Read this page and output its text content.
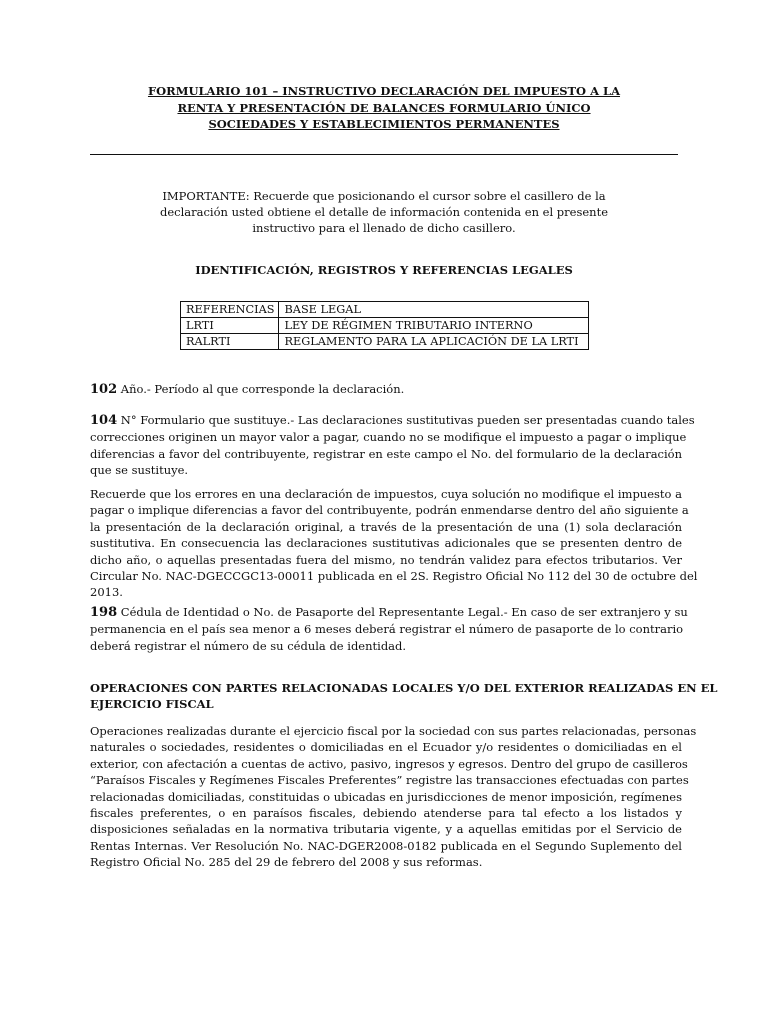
FORMULARIO 101 – INSTRUCTIVO DECLARACIÓN DEL IMPUESTO A LA
RENTA Y PRESENTACIÓN DE BALANCES FORMULARIO ÚNICO
SOCIEDADES Y ESTABLECIMIENTOS PERMANENTES
IMPORTANTE: Recuerde que posicionando el cursor sobre el casillero de la
declaración usted obtiene el detalle de información contenida en el presente
instructivo para el llenado de dicho casillero.
IDENTIFICACIÓN, REGISTROS Y REFERENCIAS LEGALES
REFERENCIAS	BASE LEGAL
LRTI	LEY DE RÉGIMEN TRIBUTARIO INTERNO
RALRTI	REGLAMENTO PARA LA APLICACIÓN DE LA LRTI
102 Año.- Período al que corresponde la declaración.
104 N° Formulario que sustituye.- Las declaraciones sustitutivas pueden ser presentadas cuando tales
correcciones originen un mayor valor a pagar, cuando no se modifique el impuesto a pagar o implique
diferencias a favor del contribuyente, registrar en este campo el No. del formulario de la declaración
que se sustituye.
Recuerde que los errores en una declaración de impuestos, cuya solución no modifique el impuesto a
pagar o implique diferencias a favor del contribuyente, podrán enmendarse dentro del año siguiente a
la presentación de la declaración original, a través de la presentación de una (1) sola declaración
sustitutiva. En consecuencia las declaraciones sustitutivas adicionales que se presenten dentro de
dicho año, o aquellas presentadas fuera del mismo, no tendrán validez para efectos tributarios. Ver
Circular No. NAC-DGECCGC13-00011 publicada en el 2S. Registro Oficial No 112 del 30 de octubre del
2013.
198 Cédula de Identidad o No. de Pasaporte del Representante Legal.- En caso de ser extranjero y su
permanencia en el país sea menor a 6 meses deberá registrar el número de pasaporte de lo contrario
deberá registrar el número de su cédula de identidad.
OPERACIONES CON PARTES RELACIONADAS LOCALES Y/O DEL EXTERIOR REALIZADAS EN EL
EJERCICIO FISCAL
Operaciones realizadas durante el ejercicio fiscal por la sociedad con sus partes relacionadas, personas
naturales o sociedades, residentes o domiciliadas en el Ecuador y/o residentes o domiciliadas en el
exterior, con afectación a cuentas de activo, pasivo, ingresos y egresos. Dentro del grupo de casilleros
“Paraísos Fiscales y Regímenes Fiscales Preferentes” registre las transacciones efectuadas con partes
relacionadas domiciliadas, constituidas o ubicadas en jurisdicciones de menor imposición, regímenes
fiscales preferentes, o en paraísos fiscales, debiendo atenderse para tal efecto a los listados y
disposiciones señaladas en la normativa tributaria vigente, y a aquellas emitidas por el Servicio de
Rentas Internas. Ver Resolución No. NAC-DGER2008-0182 publicada en el Segundo Suplemento del
Registro Oficial No. 285 del 29 de febrero del 2008 y sus reformas.
